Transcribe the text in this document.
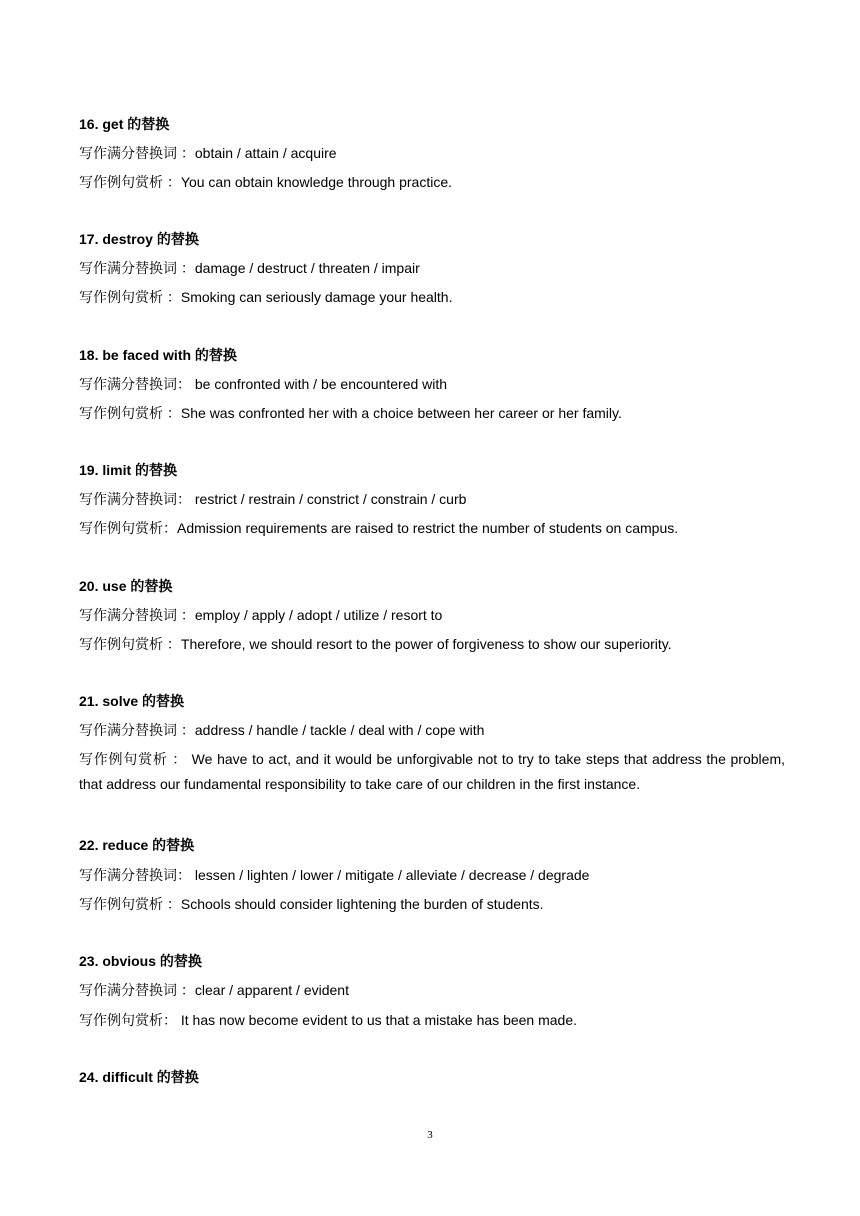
16. get 的替换
写作满分替换词 ：obtain / attain / acquire
写作例句赏析 ：You can obtain knowledge through practice.
17. destroy 的替换
写作满分替换词 ：damage / destruct / threaten / impair
写作例句赏析 ：Smoking can seriously damage your health.
18. be faced with 的替换
写作满分替换词： be confronted with / be encountered with
写作例句赏析 ：She was confronted her with a choice between her career or her family.
19. limit 的替换
写作满分替换词： restrict / restrain / constrict / constrain / curb
写作例句赏析：Admission requirements are raised to restrict the number of students on campus.
20. use 的替换
写作满分替换词 ：employ / apply / adopt / utilize / resort to
写作例句赏析 ：Therefore, we should resort to the power of forgiveness to show our superiority.
21. solve 的替换
写作满分替换词 ：address / handle / tackle / deal with / cope with
写作例句赏析 ： We have to act, and it would be unforgivable not to try to take steps that address the problem, that address our fundamental responsibility to take care of our children in the first instance.
22. reduce 的替换
写作满分替换词： lessen / lighten / lower / mitigate / alleviate / decrease / degrade
写作例句赏析 ：Schools should consider lightening the burden of students.
23. obvious 的替换
写作满分替换词 ：clear / apparent / evident
写作例句赏析： It has now become evident to us that a mistake has been made.
24. difficult 的替换
3
